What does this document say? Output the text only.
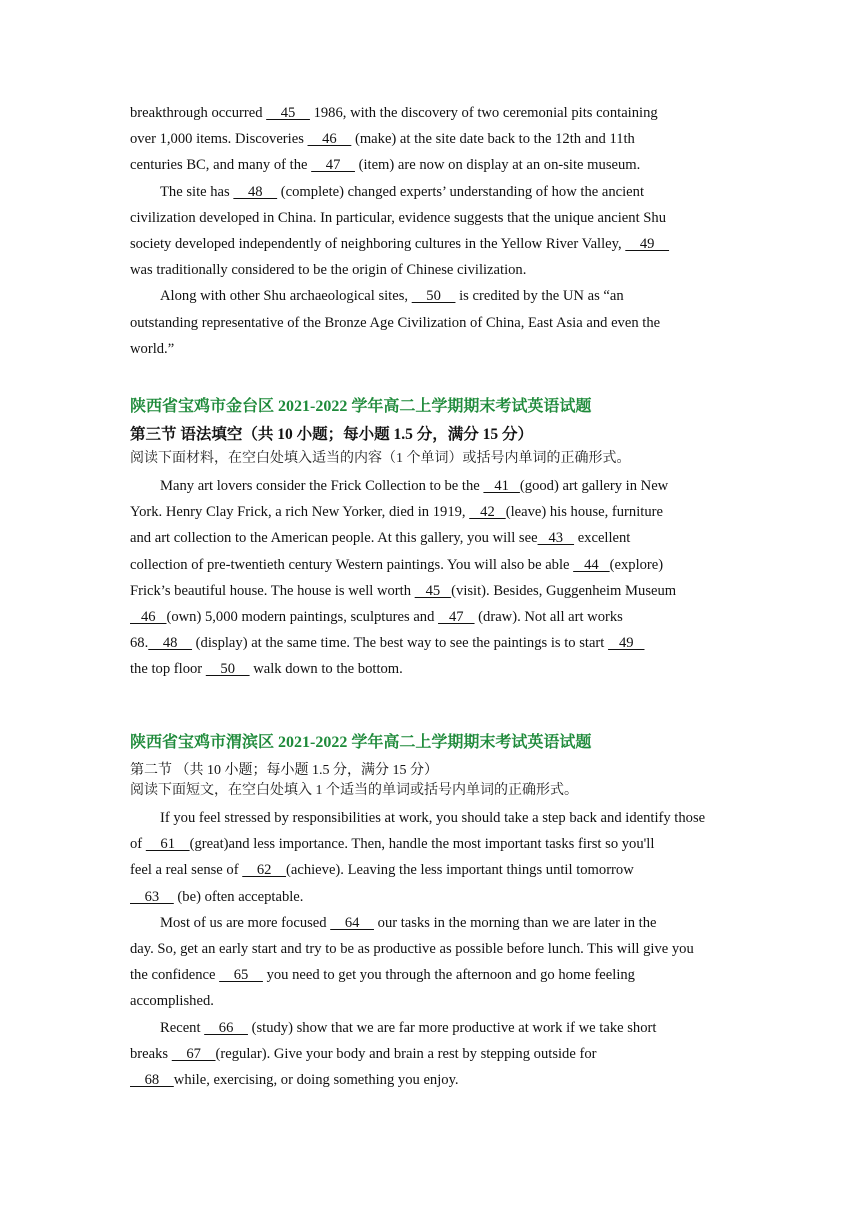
breakthrough occurred     45     1986, with the discovery of two ceremonial pits containing

over 1,000 items. Discoveries     46     (make) at the site date back to the 12th and 11th

centuries BC, and many of the     47     (item) are now on display at an on-site museum.

The site has     48     (complete) changed experts’ understanding of how the ancient

civilization developed in China. In particular, evidence suggests that the unique ancient Shu

society developed independently of neighboring cultures in the Yellow River Valley,     49

was traditionally considered to be the origin of Chinese civilization.

Along with other Shu archaeological sites,     50     is credited by the UN as “an

outstanding representative of the Bronze Age Civilization of China, East Asia and even the

world.”

陕西省宝鸡市金台区 2021-2022 学年高二上学期期末考试英语试题

第三节 语法填空（共 10 小题；每小题 1.5 分，满分 15 分）

阅读下面材料，在空白处填入适当的内容（1 个单词）或括号内单词的正确形式。

Many art lovers consider the Frick Collection to be the    41   (good) art gallery in New

York. Henry Clay Frick, a rich New Yorker, died in 1919,    42   (leave) his house, furniture

and art collection to the American people. At this gallery, you will see   43    excellent

collection of pre-twentieth century Western paintings. You will also be able    44   (explore)

Frick’s beautiful house. The house is well worth    45   (visit). Besides, Guggenheim Museum

46   (own) 5,000 modern paintings, sculptures and    47    (draw). Not all art works

68.    48     (display) at the same time. The best way to see the paintings is to start    49

the top floor     50     walk down to the bottom.

陕西省宝鸡市渭滨区 2021-2022 学年高二上学期期末考试英语试题

第二节 （共 10 小题；每小题 1.5 分，满分 15 分）

阅读下面短文，在空白处填入 1 个适当的单词或括号内单词的正确形式。

If you feel stressed by responsibilities at work, you should take a step back and identify those

of     61    (great)and less importance. Then, handle the most important tasks first so you'll

feel a real sense of     62    (achieve). Leaving the less important things until tomorrow

63     (be) often acceptable.

Most of us are more focused     64     our tasks in the morning than we are later in the

day. So, get an early start and try to be as productive as possible before lunch. This will give you

the confidence     65     you need to get you through the afternoon and go home feeling

accomplished.

Recent     66     (study) show that we are far more productive at work if we take short

breaks     67    (regular). Give your body and brain a rest by stepping outside for

68    while, exercising, or doing something you enjoy.
